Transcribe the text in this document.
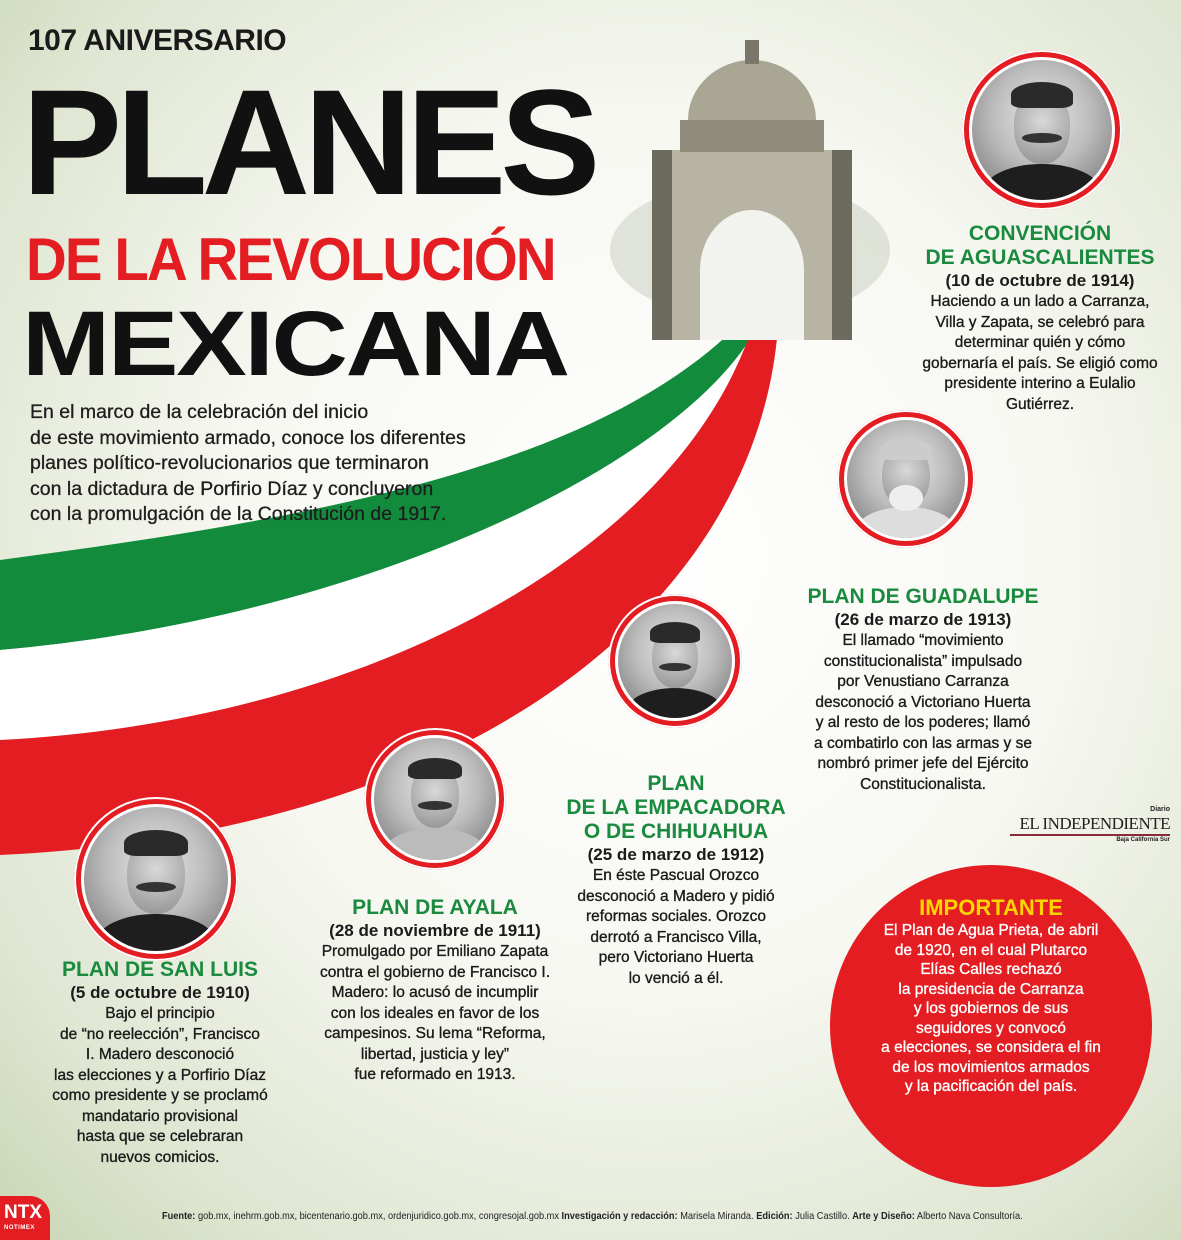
107 ANIVERSARIO
PLANES
DE LA REVOLUCIÓN
MEXICANA
En el marco de la celebración del inicio
de este movimiento armado, conoce los diferentes
planes político-revolucionarios que terminaron
con la dictadura de Porfirio Díaz y concluyeron
con la promulgación de la Constitución de 1917.
CONVENCIÓN
DE AGUASCALIENTES
(10 de octubre de 1914)
Haciendo a un lado a Carranza,
Villa y Zapata, se celebró para
determinar quién y cómo
gobernaría el país. Se eligió como
presidente interino a Eulalio
Gutiérrez.
PLAN DE GUADALUPE
(26 de marzo de 1913)
El llamado “movimiento
constitucionalista” impulsado
por Venustiano Carranza
desconoció a Victoriano Huerta
y al resto de los poderes; llamó
a combatirlo con las armas y se
nombró primer jefe del Ejército
Constitucionalista.
PLAN
DE LA EMPACADORA
O DE CHIHUAHUA
(25 de marzo de 1912)
En éste Pascual Orozco
desconoció a Madero y pidió
reformas sociales. Orozco
derrotó a Francisco Villa,
pero Victoriano Huerta
lo venció a él.
PLAN DE AYALA
(28 de noviembre de 1911)
Promulgado por Emiliano Zapata
contra el gobierno de Francisco I.
Madero: lo acusó de incumplir
con los ideales en favor de los
campesinos. Su lema “Reforma,
libertad, justicia y ley”
fue reformado en 1913.
PLAN DE SAN LUIS
(5 de octubre de 1910)
Bajo el principio
de “no reelección”, Francisco
I. Madero desconoció
las elecciones y a Porfirio Díaz
como presidente y se proclamó
mandatario provisional
hasta que se celebraran
nuevos comicios.
IMPORTANTE
El Plan de Agua Prieta, de abril
de 1920, en el cual Plutarco
Elías Calles rechazó
la presidencia de Carranza
y los gobiernos de sus
seguidores y convocó
a elecciones, se considera el fin
de los movimientos armados
y la pacificación del país.
Diario
EL INDEPENDIENTE
Baja California Sur
NTX
NOTIMEX
Fuente: gob.mx, inehrm.gob.mx, bicentenario.gob.mx, ordenjuridico.gob.mx, congresojal.gob.mx Investigación y redacción: Marisela Miranda. Edición: Julia Castillo. Arte y Diseño: Alberto Nava Consultoría.
